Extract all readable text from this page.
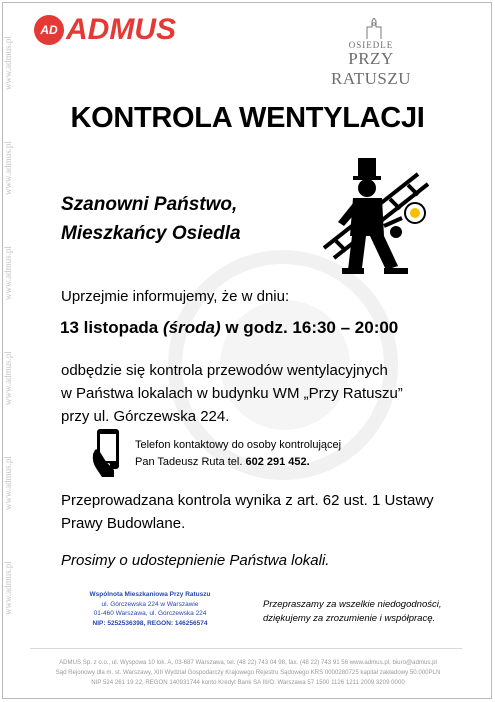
www.admus.pl
www.admus.pl
www.admus.pl
www.admus.pl
www.admus.pl
www.admus.pl
AD ADMUS	OSIEDLE
PRZY RATUSZU
KONTROLA WENTYLACJI
Szanowni Państwo,
Mieszkańcy Osiedla
Uprzejmie informujemy, że w dniu:
13 listopada (środa) w godz. 16:30 – 20:00
odbędzie się kontrola przewodów wentylacyjnych
w Państwa lokalach w budynku WM „Przy Ratuszu”
przy ul. Górczewska 224.
Telefon kontaktowy do osoby kontrolującej
Pan Tadeusz Ruta tel. 602 291 452.
Przeprowadzana kontrola wynika z art. 62 ust. 1 Ustawy
Prawy Budowlane.
Prosimy o udostepnienie Państwa lokali.
Wspólnota Mieszkaniowa Przy Ratuszu
ul. Górczewska 224 w Warszawie
01-460 Warszawa, ul. Górczewska 224
NIP: 5252536398, REGON: 146256574
Przepraszamy za wszelkie niedogodności,
dziękujemy za zrozumienie i współpracę.
ADMUS Sp. z o.o., ul. Wyspowa 10 lok. A, 03-687 Warszawa, tel. (48 22) 743 04 98, fax. (48 22) 743 91 56 www.admus.pl, biuro@admus.pl
Sąd Rejonowy dla m. st. Warszawy, XIII Wydział Gospodarczy Krajowego Rejestru Sądowego KRS 0000280725 kapitał zakładowy 50.000PLN
NIP 524 261 19 22, REGON 140931744 konto Kredyt Bank SA III/O. Warszawa 57 1500 1126 1211 2009 3209 0000
